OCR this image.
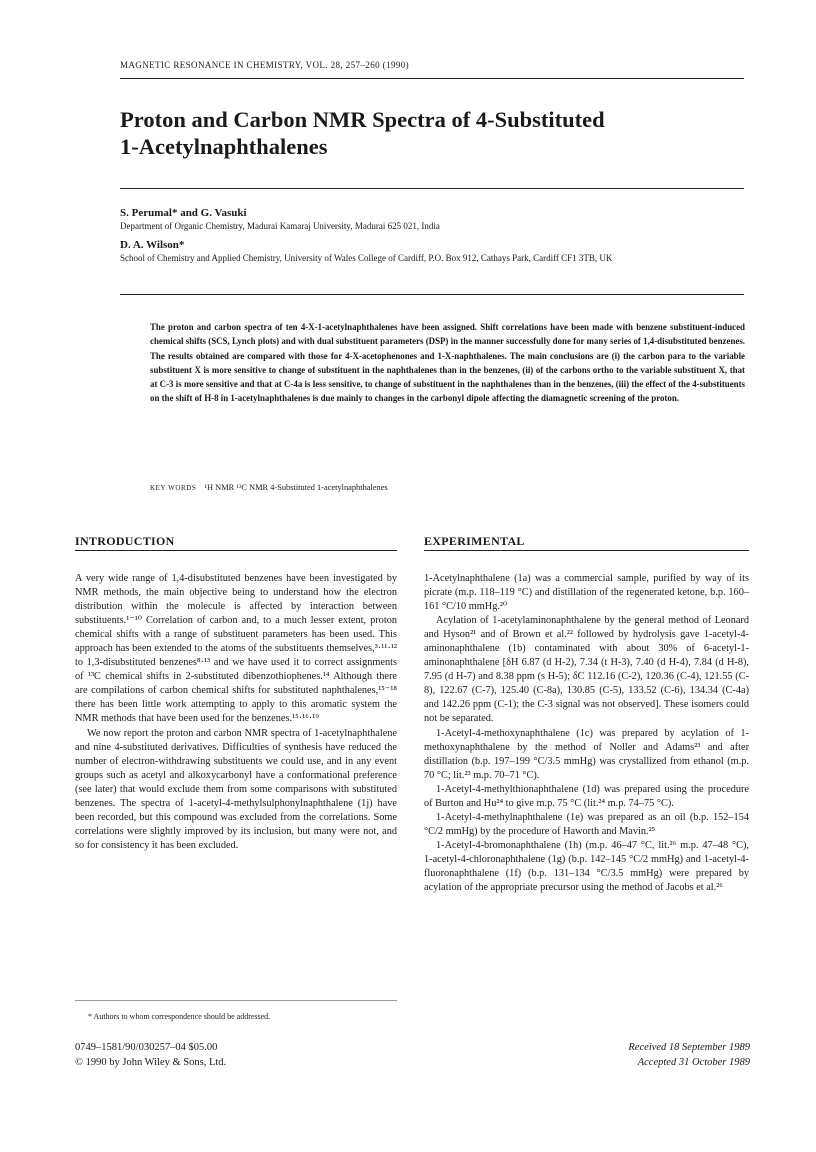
MAGNETIC RESONANCE IN CHEMISTRY, VOL. 28, 257–260 (1990)
Proton and Carbon NMR Spectra of 4-Substituted
1-Acetylnaphthalenes
S. Perumal* and G. Vasuki
Department of Organic Chemistry, Madurai Kamaraj University, Madurai 625 021, India
D. A. Wilson*
School of Chemistry and Applied Chemistry, University of Wales College of Cardiff, P.O. Box 912, Cathays Park, Cardiff CF1 3TB, UK
The proton and carbon spectra of ten 4-X-1-acetylnaphthalenes have been assigned. Shift correlations have been made with benzene substituent-induced chemical shifts (SCS, Lynch plots) and with dual substituent parameters (DSP) in the manner successfully done for many series of 1,4-disubstituted benzenes. The results obtained are compared with those for 4-X-acetophenones and 1-X-naphthalenes. The main conclusions are (i) the carbon para to the variable substituent X is more sensitive to change of substituent in the naphthalenes than in the benzenes, (ii) of the carbons ortho to the variable substituent X, that at C-3 is more sensitive and that at C-4a is less sensitive, to change of substituent in the naphthalenes than in the benzenes, (iii) the effect of the 4-substituents on the shift of H-8 in 1-acetylnaphthalenes is due mainly to changes in the carbonyl dipole affecting the diamagnetic screening of the proton.
KEY WORDS ¹H NMR ¹³C NMR 4-Substituted 1-acetylnaphthalenes
INTRODUCTION	EXPERIMENTAL

A very wide range of 1,4-disubstituted benzenes have been investigated by NMR methods, the main objective being to understand how the electron distribution within the molecule is affected by interaction between substituents.¹⁻¹⁰ Correlation of carbon and, to a much lesser extent, proton chemical shifts with a range of substituent parameters has been used. This approach has been extended to the atoms of the substituents themselves,³·¹¹·¹² to 1,3-disubstituted benzenes⁸·¹³ and we have used it to correct assignments of ¹³C chemical shifts in 2-substituted dibenzothiophenes.¹⁴ Although there are compilations of carbon chemical shifts for substituted naphthalenes,¹⁵⁻¹⁸ there has been little work attempting to apply to this aromatic system the NMR methods that have been used for the benzenes.¹⁵·¹⁶·¹⁹

We now report the proton and carbon NMR spectra of 1-acetylnaphthalene and nine 4-substituted derivatives. Difficulties of synthesis have reduced the number of electron-withdrawing substituents we could use, and in any event groups such as acetyl and alkoxycarbonyl have a conformational preference (see later) that would exclude them from some comparisons with substituted benzenes. The spectra of 1-acetyl-4-methylsulphonylnaphthalene (1j) have been recorded, but this compound was excluded from the correlations. Some correlations were slightly improved by its inclusion, but many were not, and so for consistency it has been excluded.

1-Acetylnaphthalene (1a) was a commercial sample, purified by way of its picrate (m.p. 118–119 °C) and distillation of the regenerated ketone, b.p. 160–161 °C/10 mmHg.²⁰

Acylation of 1-acetylaminonaphthalene by the general method of Leonard and Hyson²¹ and of Brown et al.²² followed by hydrolysis gave 1-acetyl-4-aminonaphthalene (1b) contaminated with about 30% of 6-acetyl-1-aminonaphthalene [δH 6.87 (d H-2), 7.34 (t H-3), 7.40 (d H-4), 7.84 (d H-8), 7.95 (d H-7) and 8.38 ppm (s H-5); δC 112.16 (C-2), 120.36 (C-4), 121.55 (C-8), 122.67 (C-7), 125.40 (C-8a), 130.85 (C-5), 133.52 (C-6), 134.34 (C-4a) and 142.26 ppm (C-1); the C-3 signal was not observed]. These isomers could not be separated.

1-Acetyl-4-methoxynaphthalene (1c) was prepared by acylation of 1-methoxynaphthalene by the method of Noller and Adams²³ and after distillation (b.p. 197–199 °C/3.5 mmHg) was crystallized from ethanol (m.p. 70 °C; lit.²³ m.p. 70–71 °C).

1-Acetyl-4-methylthionaphthalene (1d) was prepared using the procedure of Burton and Hu²⁴ to give m.p. 75 °C (lit.²⁴ m.p. 74–75 °C).

1-Acetyl-4-methylnaphthalene (1e) was prepared as an oil (b.p. 152–154 °C/2 mmHg) by the procedure of Haworth and Mavin.²⁵

1-Acetyl-4-bromonaphthalene (1h) (m.p. 46–47 °C, lit.²⁶ m.p. 47–48 °C), 1-acetyl-4-chloronaphthalene (1g) (b.p. 142–145 °C/2 mmHg) and 1-acetyl-4-fluoronaphthalene (1f) (b.p. 131–134 °C/3.5 mmHg) were prepared by acylation of the appropriate precursor using the method of Jacobs et al.²⁶

* Authors to whom correspondence should be addressed.
0749–1581/90/030257–04 $05.00
© 1990 by John Wiley & Sons, Ltd.
Received 18 September 1989
Accepted 31 October 1989
